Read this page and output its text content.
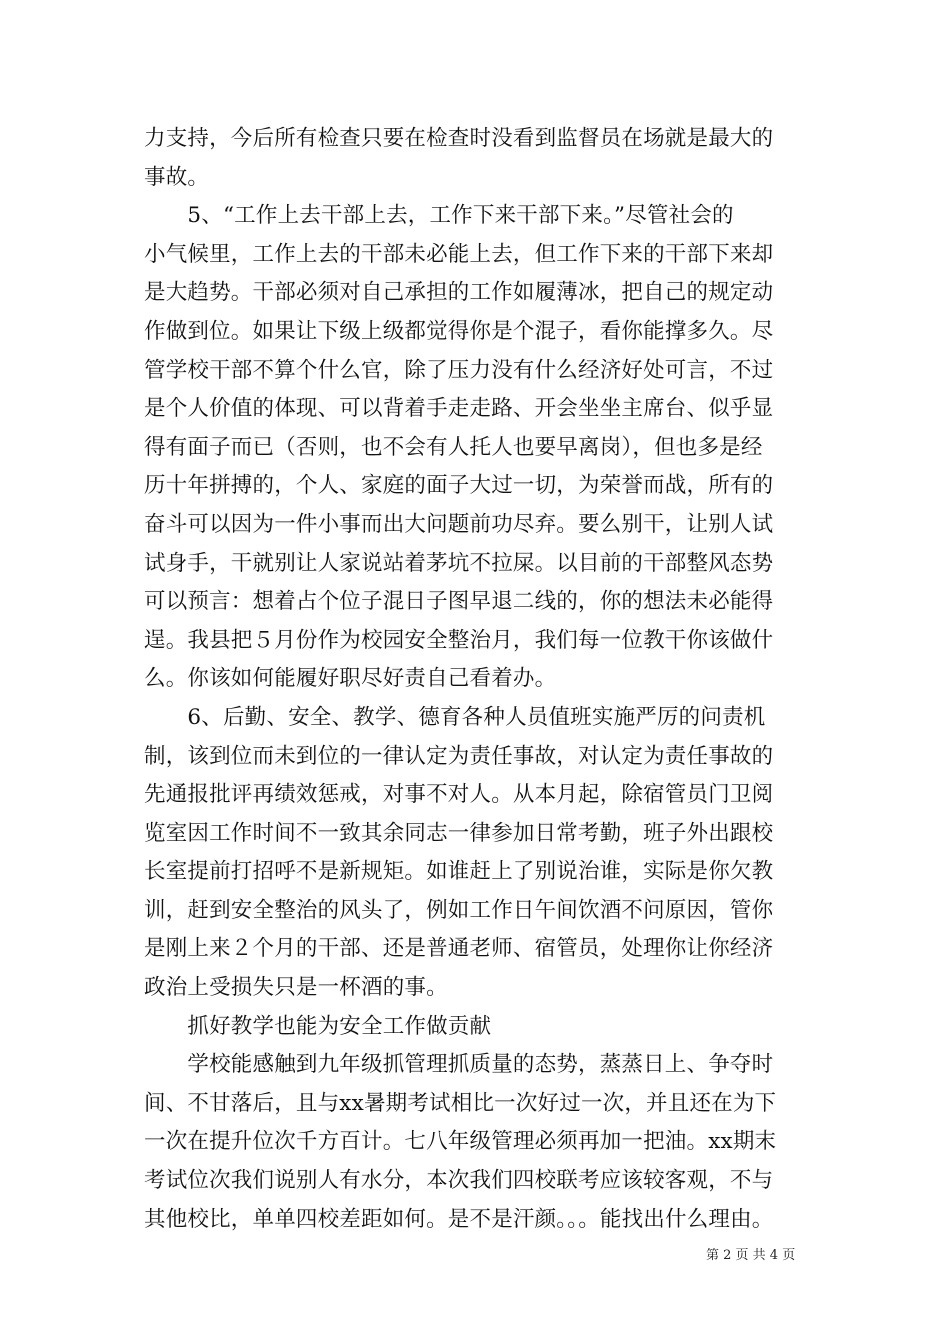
力支持，今后所有检查只要在检查时没看到监督员在场就是最大的
事故。
　　5、“工作上去干部上去，工作下来干部下来。”尽管社会的
小气候里，工作上去的干部未必能上去，但工作下来的干部下来却
是大趋势。干部必须对自己承担的工作如履薄冰，把自己的规定动
作做到位。如果让下级上级都觉得你是个混子，看你能撑多久。尽
管学校干部不算个什么官，除了压力没有什么经济好处可言，不过
是个人价值的体现、可以背着手走走路、开会坐坐主席台、似乎显
得有面子而已（否则，也不会有人托人也要早离岗），但也多是经
历十年拼搏的，个人、家庭的面子大过一切，为荣誉而战，所有的
奋斗可以因为一件小事而出大问题前功尽弃。要么别干，让别人试
试身手，干就别让人家说站着茅坑不拉屎。以目前的干部整风态势
可以预言：想着占个位子混日子图早退二线的，你的想法未必能得
逞。我县把５月份作为校园安全整治月，我们每一位教干你该做什
么。你该如何能履好职尽好责自己看着办。
　　6、后勤、安全、教学、德育各种人员值班实施严厉的问责机
制，该到位而未到位的一律认定为责任事故，对认定为责任事故的
先通报批评再绩效惩戒，对事不对人。从本月起，除宿管员门卫阅
览室因工作时间不一致其余同志一律参加日常考勤，班子外出跟校
长室提前打招呼不是新规矩。如谁赶上了别说治谁，实际是你欠教
训，赶到安全整治的风头了，例如工作日午间饮酒不问原因，管你
是刚上来２个月的干部、还是普通老师、宿管员，处理你让你经济
政治上受损失只是一杯酒的事。
　　抓好教学也能为安全工作做贡献
　　学校能感触到九年级抓管理抓质量的态势，蒸蒸日上、争夺时
间、不甘落后，且与xx暑期考试相比一次好过一次，并且还在为下
一次在提升位次千方百计。七八年级管理必须再加一把油。xx期末
考试位次我们说别人有水分，本次我们四校联考应该较客观，不与
其他校比，单单四校差距如何。是不是汗颜。。。能找出什么理由。
第 2 页 共 4 页
